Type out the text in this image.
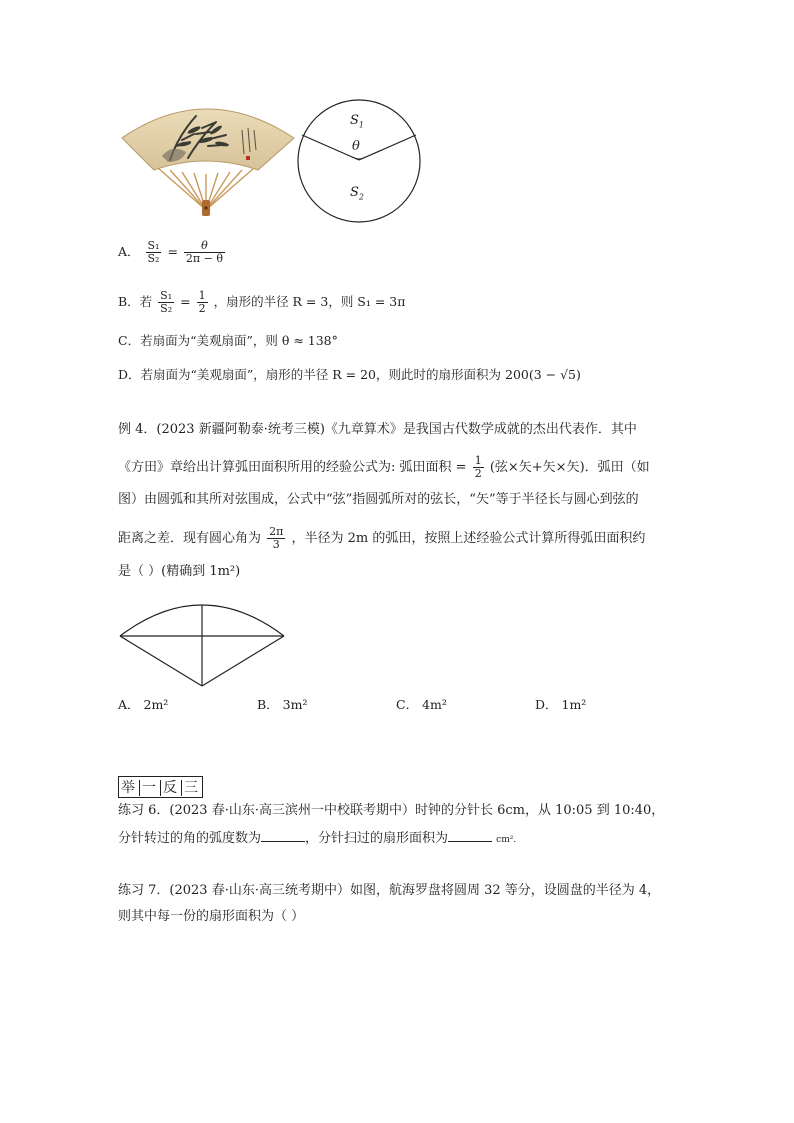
$S_1$
θ
$S_2$
A． $\frac{\text{S₁}}{\text{S₂}} = \frac{\theta}{2\pi - \theta}$
B．若 $\frac{\text{S₁}}{\text{S₂}} = \frac{1}{2}$ ，扇形的半径 R = 3，则 S₁ = 3π
C．若扇面为“美观扇面”，则 θ ≈ 138°
D．若扇面为“美观扇面”，扇形的半径 R = 20，则此时的扇形面积为 200(3 − √5)
例 4．(2023 新疆阿勒泰·统考三模)《九章算术》是我国古代数学成就的杰出代表作．其中
《方田》章给出计算弧田面积所用的经验公式为: 弧田面积 = $\frac{1}{2}$ (弦×矢+矢×矢)．弧田（如
图）由圆弧和其所对弦围成，公式中“弦”指圆弧所对的弦长，“矢”等于半径长与圆心到弦的
距离之差．现有圆心角为 $\frac{2\pi}{3}$ ，半径为 2m 的弧田，按照上述经验公式计算所得弧田面积约
是（ ）(精确到 1m²)
A． 2m²	B． 3m²	C． 4m²	D． 1m²
举 一 反 三
练习 6．(2023 春·山东·高三滨州一中校联考期中）时钟的分针长 6cm，从 10:05 到 10:40，
分针转过的角的弧度数为	，分针扫过的扇形面积为	cm².
练习 7．(2023 春·山东·高三统考期中）如图，航海罗盘将圆周 32 等分，设圆盘的半径为 4，
则其中每一份的扇形面积为（ ）
